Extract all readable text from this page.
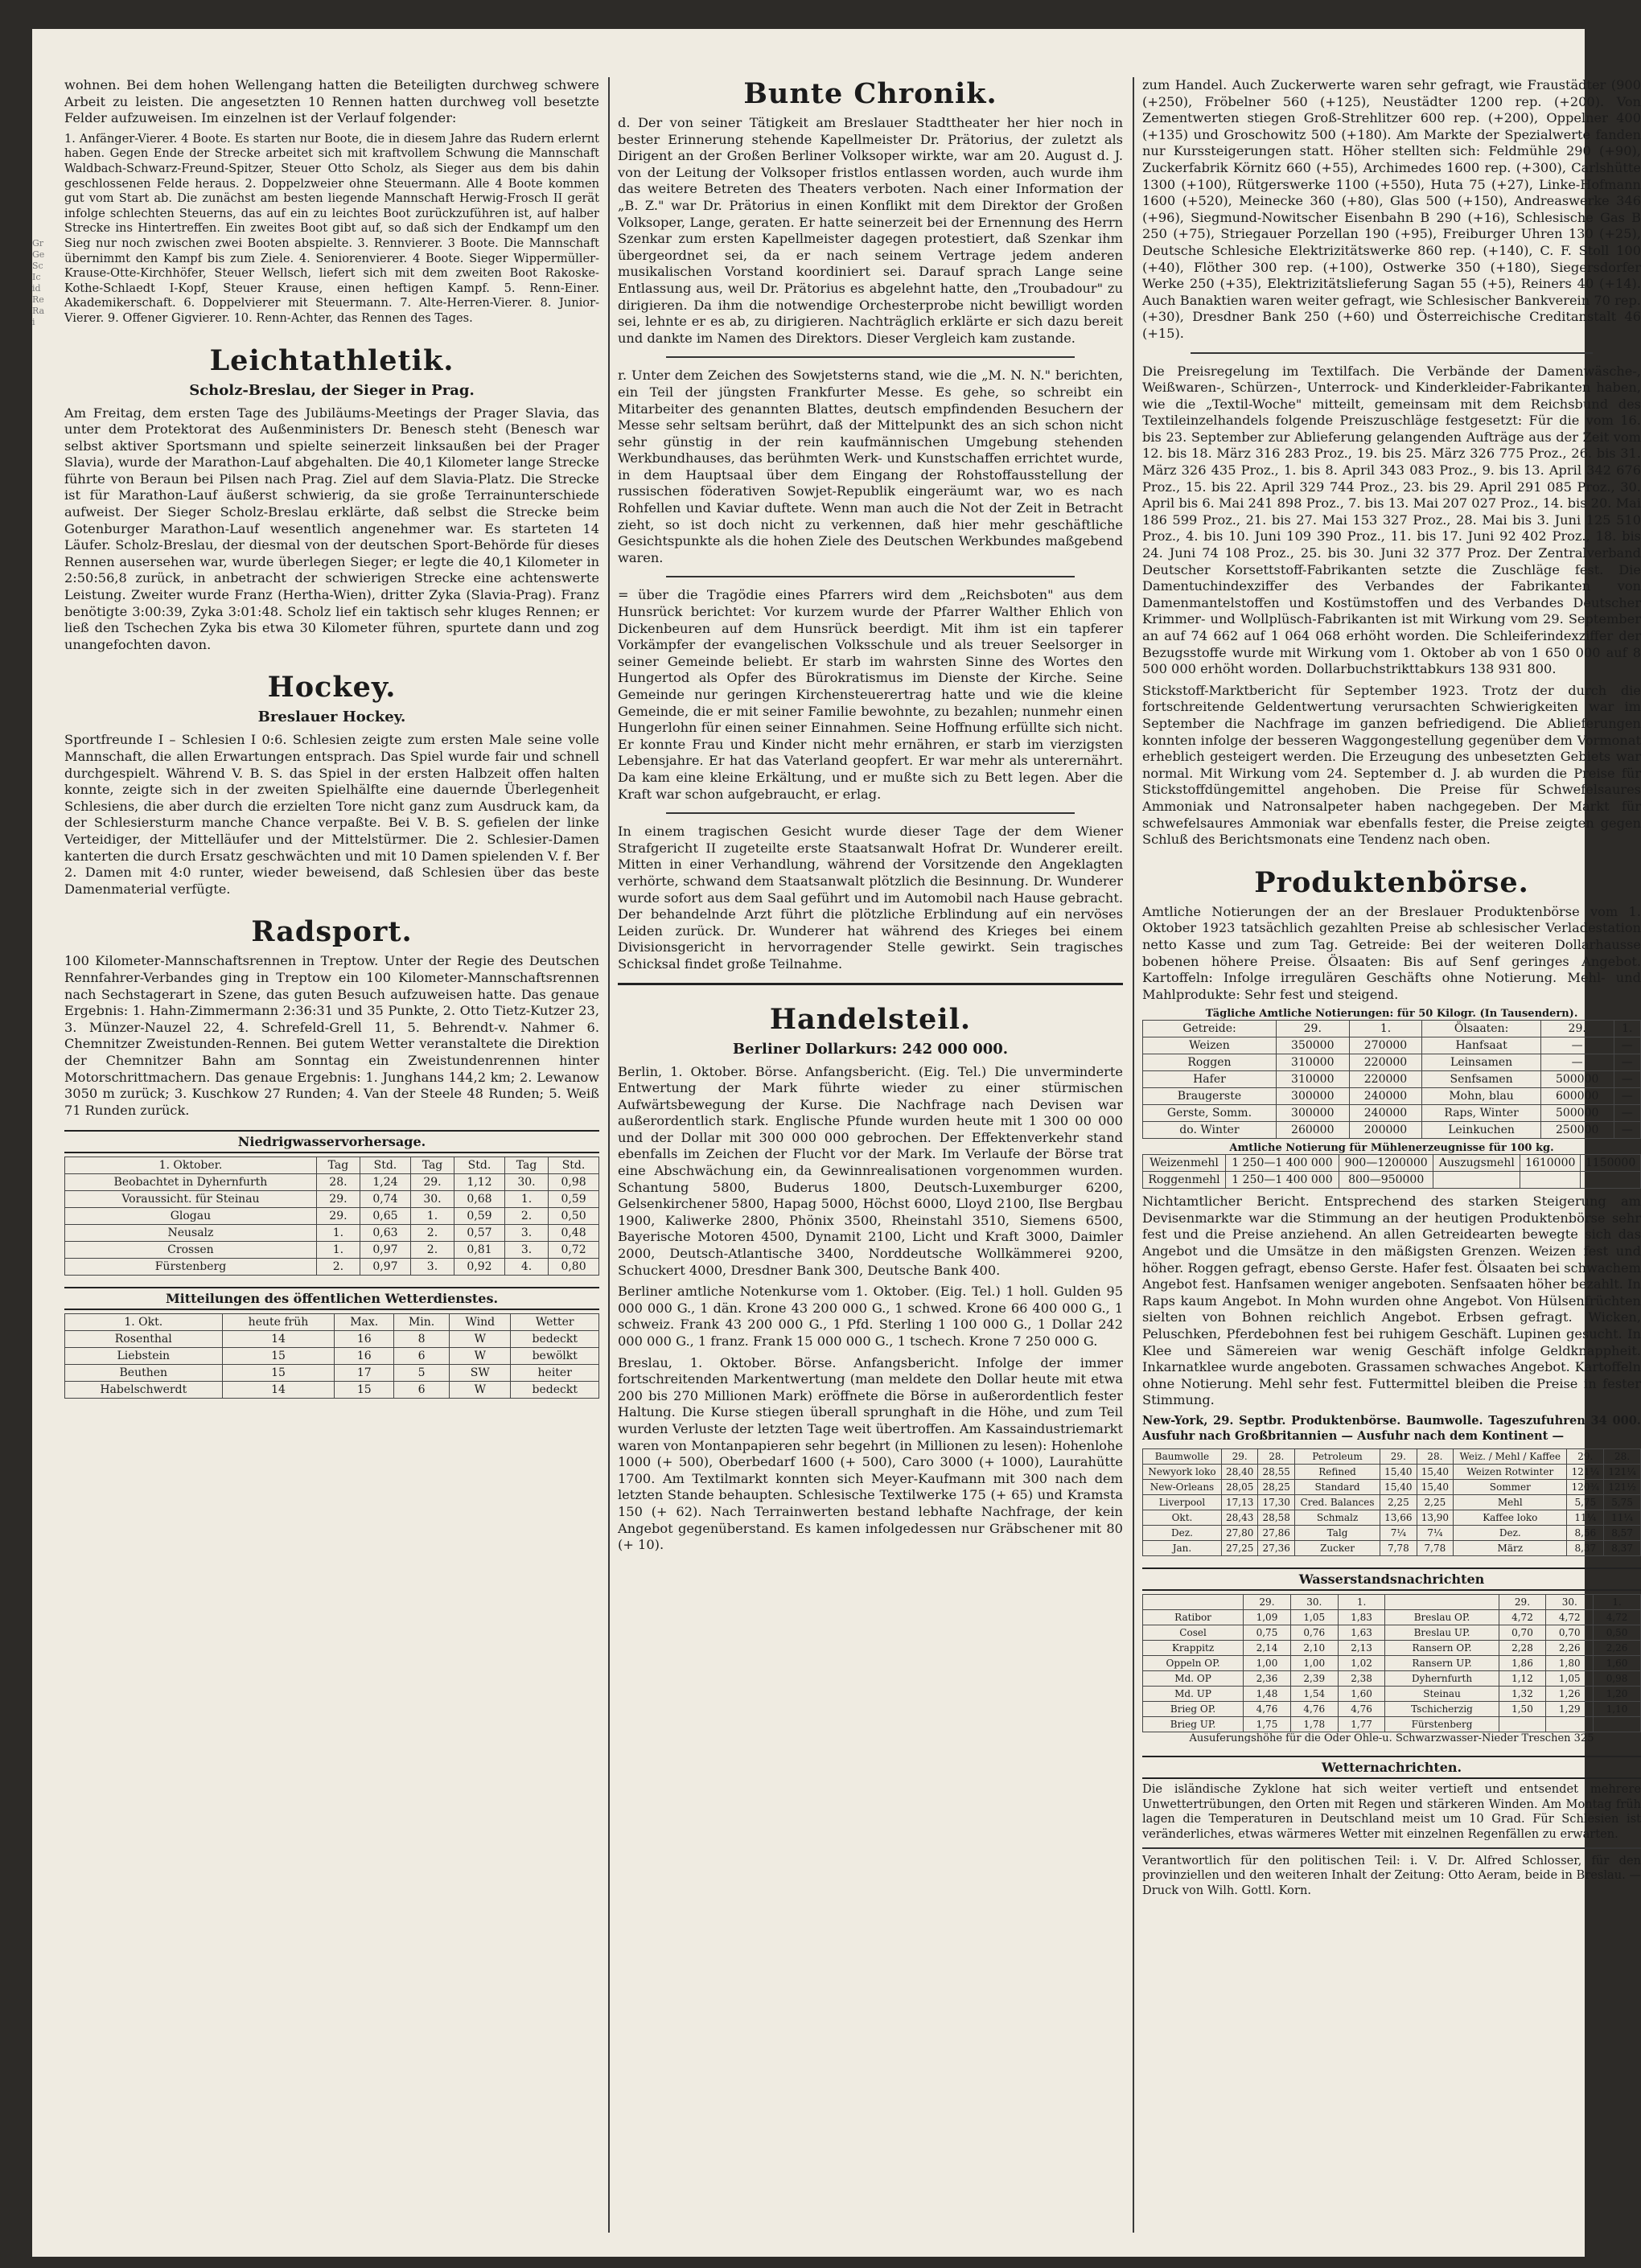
Gr Ge Sc Ic id Re Ra i

wohnen. Bei dem hohen Wellengang hatten die Beteiligten durchweg schwere Arbeit zu leisten. Die angesetzten 10 Rennen hatten durchweg voll besetzte Felder aufzuweisen. Im einzelnen ist der Verlauf folgender:

1. Anfänger-Vierer. 4 Boote. Es starten nur Boote, die in diesem Jahre das Rudern erlernt haben. Gegen Ende der Strecke arbeitet sich mit kraftvollem Schwung die Mannschaft Waldbach-Schwarz-Freund-Spitzer, Steuer Otto Scholz, als Sieger aus dem bis dahin geschlossenen Felde heraus. 2. Doppelzweier ohne Steuermann. Alle 4 Boote kommen gut vom Start ab. Die zunächst am besten liegende Mannschaft Herwig-Frosch II gerät infolge schlechten Steuerns, das auf ein zu leichtes Boot zurückzuführen ist, auf halber Strecke ins Hintertreffen. Ein zweites Boot gibt auf, so daß sich der Endkampf um den Sieg nur noch zwischen zwei Booten abspielte. 3. Rennvierer. 3 Boote. Die Mannschaft übernimmt den Kampf bis zum Ziele. 4. Seniorenvierer. 4 Boote. Sieger Wippermüller-Krause-Otte-Kirchhöfer, Steuer Wellsch, liefert sich mit dem zweiten Boot Rakoske-Kothe-Schlaedt I-Kopf, Steuer Krause, einen heftigen Kampf. 5. Renn-Einer. Akademikerschaft. 6. Doppelvierer mit Steuermann. 7. Alte-Herren-Vierer. 8. Junior-Vierer. 9. Offener Gigvierer. 10. Renn-Achter, das Rennen des Tages.

Leichtathletik.
Scholz-Breslau, der Sieger in Prag.

Am Freitag, dem ersten Tage des Jubiläums-Meetings der Prager Slavia, das unter dem Protektorat des Außenministers Dr. Benesch steht (Benesch war selbst aktiver Sportsmann und spielte seinerzeit linksaußen bei der Prager Slavia), wurde der Marathon-Lauf abgehalten. Die 40,1 Kilometer lange Strecke führte von Beraun bei Pilsen nach Prag. Ziel auf dem Slavia-Platz. Die Strecke ist für Marathon-Lauf äußerst schwierig, da sie große Terrainunterschiede aufweist. Der Sieger Scholz-Breslau erklärte, daß selbst die Strecke beim Gotenburger Marathon-Lauf wesentlich angenehmer war. Es starteten 14 Läufer. Scholz-Breslau, der diesmal von der deutschen Sport-Behörde für dieses Rennen ausersehen war, wurde überlegen Sieger; er legte die 40,1 Kilometer in 2:50:56,8 zurück, in anbetracht der schwierigen Strecke eine achtenswerte Leistung. Zweiter wurde Franz (Hertha-Wien), dritter Zyka (Slavia-Prag). Franz benötigte 3:00:39, Zyka 3:01:48. Scholz lief ein taktisch sehr kluges Rennen; er ließ den Tschechen Zyka bis etwa 30 Kilometer führen, spurtete dann und zog unangefochten davon.

Hockey.
Breslauer Hockey.

Sportfreunde I – Schlesien I 0:6. Schlesien zeigte zum ersten Male seine volle Mannschaft, die allen Erwartungen entsprach. Das Spiel wurde fair und schnell durchgespielt. Während V. B. S. das Spiel in der ersten Halbzeit offen halten konnte, zeigte sich in der zweiten Spielhälfte eine dauernde Überlegenheit Schlesiens, die aber durch die erzielten Tore nicht ganz zum Ausdruck kam, da der Schlesiersturm manche Chance verpaßte. Bei V. B. S. gefielen der linke Verteidiger, der Mittelläufer und der Mittelstürmer. Die 2. Schlesier-Damen kanterten die durch Ersatz geschwächten und mit 10 Damen spielenden V. f. Ber 2. Damen mit 4:0 runter, wieder beweisend, daß Schlesien über das beste Damenmaterial verfügte.

Radsport.

100 Kilometer-Mannschaftsrennen in Treptow. Unter der Regie des Deutschen Rennfahrer-Verbandes ging in Treptow ein 100 Kilometer-Mannschaftsrennen nach Sechstagerart in Szene, das guten Besuch aufzuweisen hatte. Das genaue Ergebnis: 1. Hahn-Zimmermann 2:36:31 und 35 Punkte, 2. Otto Tietz-Kutzer 23, 3. Münzer-Nauzel 22, 4. Schrefeld-Grell 11, 5. Behrendt-v. Nahmer 6. Chemnitzer Zweistunden-Rennen. Bei gutem Wetter veranstaltete die Direktion der Chemnitzer Bahn am Sonntag ein Zweistundenrennen hinter Motorschrittmachern. Das genaue Ergebnis: 1. Junghans 144,2 km; 2. Lewanow 3050 m zurück; 3. Kuschkow 27 Runden; 4. Van der Steele 48 Runden; 5. Weiß 71 Runden zurück.

Niedrigwasservorhersage.
1. Oktober.	Tag	Std.	Tag	Std.	Tag	Std.
Beobachtet in Dyhernfurth	28.	1,24	29.	1,12	30.	0,98
Voraussicht. für Steinau	29.	0,74	30.	0,68	1.	0,59
Glogau	29.	0,65	1.	0,59	2.	0,50
Neusalz	1.	0,63	2.	0,57	3.	0,48
Crossen	1.	0,97	2.	0,81	3.	0,72
Fürstenberg	2.	0,97	3.	0,92	4.	0,80
Mitteilungen des öffentlichen Wetterdienstes.
1. Okt.	heute früh	Max.	Min.	Wind	Wetter
Rosenthal	14	16	8	W	bedeckt
Liebstein	15	16	6	W	bewölkt
Beuthen	15	17	5	SW	heiter
Habelschwerdt	14	15	6	W	bedeckt
Bunte Chronik.

d. Der von seiner Tätigkeit am Breslauer Stadttheater her hier noch in bester Erinnerung stehende Kapellmeister Dr. Prätorius, der zuletzt als Dirigent an der Großen Berliner Volksoper wirkte, war am 20. August d. J. von der Leitung der Volksoper fristlos entlassen worden, auch wurde ihm das weitere Betreten des Theaters verboten. Nach einer Information der „B. Z." war Dr. Prätorius in einen Konflikt mit dem Direktor der Großen Volksoper, Lange, geraten. Er hatte seinerzeit bei der Ernennung des Herrn Szenkar zum ersten Kapellmeister dagegen protestiert, daß Szenkar ihm übergeordnet sei, da er nach seinem Vertrage jedem anderen musikalischen Vorstand koordiniert sei. Darauf sprach Lange seine Entlassung aus, weil Dr. Prätorius es abgelehnt hatte, den „Troubadour" zu dirigieren. Da ihm die notwendige Orchesterprobe nicht bewilligt worden sei, lehnte er es ab, zu dirigieren. Nachträglich erklärte er sich dazu bereit und dankte im Namen des Direktors. Dieser Vergleich kam zustande.

r. Unter dem Zeichen des Sowjetsterns stand, wie die „M. N. N." berichten, ein Teil der jüngsten Frankfurter Messe. Es gehe, so schreibt ein Mitarbeiter des genannten Blattes, deutsch empfindenden Besuchern der Messe sehr seltsam berührt, daß der Mittelpunkt des an sich schon nicht sehr günstig in der rein kaufmännischen Umgebung stehenden Werkbundhauses, das berühmten Werk- und Kunstschaffen errichtet wurde, in dem Hauptsaal über dem Eingang der Rohstoffausstellung der russischen föderativen Sowjet-Republik eingeräumt war, wo es nach Rohfellen und Kaviar duftete. Wenn man auch die Not der Zeit in Betracht zieht, so ist doch nicht zu verkennen, daß hier mehr geschäftliche Gesichtspunkte als die hohen Ziele des Deutschen Werkbundes maßgebend waren.

= über die Tragödie eines Pfarrers wird dem „Reichsboten" aus dem Hunsrück berichtet: Vor kurzem wurde der Pfarrer Walther Ehlich von Dickenbeuren auf dem Hunsrück beerdigt. Mit ihm ist ein tapferer Vorkämpfer der evangelischen Volksschule und als treuer Seelsorger in seiner Gemeinde beliebt. Er starb im wahrsten Sinne des Wortes den Hungertod als Opfer des Bürokratismus im Dienste der Kirche. Seine Gemeinde nur geringen Kirchensteuerertrag hatte und wie die kleine Gemeinde, die er mit seiner Familie bewohnte, zu bezahlen; nunmehr einen Hungerlohn für einen seiner Einnahmen. Seine Hoffnung erfüllte sich nicht. Er konnte Frau und Kinder nicht mehr ernähren, er starb im vierzigsten Lebensjahre. Er hat das Vaterland geopfert. Er war mehr als unterernährt. Da kam eine kleine Erkältung, und er mußte sich zu Bett legen. Aber die Kraft war schon aufgebraucht, er erlag.

In einem tragischen Gesicht wurde dieser Tage der dem Wiener Strafgericht II zugeteilte erste Staatsanwalt Hofrat Dr. Wunderer ereilt. Mitten in einer Verhandlung, während der Vorsitzende den Angeklagten verhörte, schwand dem Staatsanwalt plötzlich die Besinnung. Dr. Wunderer wurde sofort aus dem Saal geführt und im Automobil nach Hause gebracht. Der behandelnde Arzt führt die plötzliche Erblindung auf ein nervöses Leiden zurück. Dr. Wunderer hat während des Krieges bei einem Divisionsgericht in hervorragender Stelle gewirkt. Sein tragisches Schicksal findet große Teilnahme.

Handelsteil.
Berliner Dollarkurs: 242 000 000.

Berlin, 1. Oktober. Börse. Anfangsbericht. (Eig. Tel.) Die unverminderte Entwertung der Mark führte wieder zu einer stürmischen Aufwärtsbewegung der Kurse. Die Nachfrage nach Devisen war außerordentlich stark. Englische Pfunde wurden heute mit 1 300 00 000 und der Dollar mit 300 000 000 gebrochen. Der Effektenverkehr stand ebenfalls im Zeichen der Flucht vor der Mark. Im Verlaufe der Börse trat eine Abschwächung ein, da Gewinnrealisationen vorgenommen wurden. Schantung 5800, Buderus 1800, Deutsch-Luxemburger 6200, Gelsenkirchener 5800, Hapag 5000, Höchst 6000, Lloyd 2100, Ilse Bergbau 1900, Kaliwerke 2800, Phönix 3500, Rheinstahl 3510, Siemens 6500, Bayerische Motoren 4500, Dynamit 2100, Licht und Kraft 3000, Daimler 2000, Deutsch-Atlantische 3400, Norddeutsche Wollkämmerei 9200, Schuckert 4000, Dresdner Bank 300, Deutsche Bank 400.

Berliner amtliche Notenkurse vom 1. Oktober. (Eig. Tel.) 1 holl. Gulden 95 000 000 G., 1 dän. Krone 43 200 000 G., 1 schwed. Krone 66 400 000 G., 1 schweiz. Frank 43 200 000 G., 1 Pfd. Sterling 1 100 000 G., 1 Dollar 242 000 000 G., 1 franz. Frank 15 000 000 G., 1 tschech. Krone 7 250 000 G.

Breslau, 1. Oktober. Börse. Anfangsbericht. Infolge der immer fortschreitenden Markentwertung (man meldete den Dollar heute mit etwa 200 bis 270 Millionen Mark) eröffnete die Börse in außerordentlich fester Haltung. Die Kurse stiegen überall sprunghaft in die Höhe, und zum Teil wurden Verluste der letzten Tage weit übertroffen. Am Kassaindustriemarkt waren von Montanpapieren sehr begehrt (in Millionen zu lesen): Hohenlohe 1000 (+ 500), Oberbedarf 1600 (+ 500), Caro 3000 (+ 1000), Laurahütte 1700. Am Textilmarkt konnten sich Meyer-Kaufmann mit 300 nach dem letzten Stande behaupten. Schlesische Textilwerke 175 (+ 65) und Kramsta 150 (+ 62). Nach Terrainwerten bestand lebhafte Nachfrage, der kein Angebot gegenüberstand. Es kamen infolgedessen nur Gräbschener mit 80 (+ 10).

zum Handel. Auch Zuckerwerte waren sehr gefragt, wie Fraustädter (900 (+250), Fröbelner 560 (+125), Neustädter 1200 rep. (+200). Von Zementwerten stiegen Groß-Strehlitzer 600 rep. (+200), Oppelner 400 (+135) und Groschowitz 500 (+180). Am Markte der Spezialwerte fanden nur Kurssteigerungen statt. Höher stellten sich: Feldmühle 290 (+90), Zuckerfabrik Körnitz 660 (+55), Archimedes 1600 rep. (+300), Carlshütte 1300 (+100), Rütgerswerke 1100 (+550), Huta 75 (+27), Linke-Hofmann 1600 (+520), Meinecke 360 (+80), Glas 500 (+150), Andreaswerke 346 (+96), Siegmund-Nowitscher Eisenbahn B 290 (+16), Schlesische Gas B 250 (+75), Striegauer Porzellan 190 (+95), Freiburger Uhren 130 (+25), Deutsche Schlesiche Elektrizitätswerke 860 rep. (+140), C. F. Stoll 100 (+40), Flöther 300 rep. (+100), Ostwerke 350 (+180), Siegersdorfer Werke 250 (+35), Elektrizitätslieferung Sagan 55 (+5), Reiners 40 (+14). Auch Banaktien waren weiter gefragt, wie Schlesischer Bankverein 70 rep. (+30), Dresdner Bank 250 (+60) und Österreichische Creditanstalt 46 (+15).

Die Preisregelung im Textilfach. Die Verbände der Damenwäsche-, Weißwaren-, Schürzen-, Unterrock- und Kinderkleider-Fabrikanten haben, wie die „Textil-Woche" mitteilt, gemeinsam mit dem Reichsbund des Textileinzelhandels folgende Preiszuschläge festgesetzt: Für die vom 16. bis 23. September zur Ablieferung gelangenden Aufträge aus der Zeit vom 12. bis 18. März 316 283 Proz., 19. bis 25. März 326 775 Proz., 26. bis 31. März 326 435 Proz., 1. bis 8. April 343 083 Proz., 9. bis 13. April 342 676 Proz., 15. bis 22. April 329 744 Proz., 23. bis 29. April 291 085 Proz., 30. April bis 6. Mai 241 898 Proz., 7. bis 13. Mai 207 027 Proz., 14. bis 20. Mai 186 599 Proz., 21. bis 27. Mai 153 327 Proz., 28. Mai bis 3. Juni 125 510 Proz., 4. bis 10. Juni 109 390 Proz., 11. bis 17. Juni 92 402 Proz., 18. bis 24. Juni 74 108 Proz., 25. bis 30. Juni 32 377 Proz. Der Zentralverband Deutscher Korsettstoff-Fabrikanten setzte die Zuschläge fest. Die Damentuchindexziffer des Verbandes der Fabrikanten von Damenmantelstoffen und Kostümstoffen und des Verbandes Deutscher Krimmer- und Wollplüsch-Fabrikanten ist mit Wirkung vom 29. September an auf 74 662 auf 1 064 068 erhöht worden. Die Schleiferindexziffer der Bezugsstoffe wurde mit Wirkung vom 1. Oktober ab von 1 650 000 auf 8 500 000 erhöht worden. Dollarbuchstrikttabkurs 138 931 800.

Stickstoff-Marktbericht für September 1923. Trotz der durch die fortschreitende Geldentwertung verursachten Schwierigkeiten war im September die Nachfrage im ganzen befriedigend. Die Ablieferungen konnten infolge der besseren Waggongestellung gegenüber dem Vormonat erheblich gesteigert werden. Die Erzeugung des unbesetzten Gebiets war normal. Mit Wirkung vom 24. September d. J. ab wurden die Preise für Stickstoffdüngemittel angehoben. Die Preise für Schwefelsaures Ammoniak und Natronsalpeter haben nachgegeben. Der Markt für schwefelsaures Ammoniak war ebenfalls fester, die Preise zeigten gegen Schluß des Berichtsmonats eine Tendenz nach oben.

Produktenbörse.

Amtliche Notierungen der an der Breslauer Produktenbörse vom 1. Oktober 1923 tatsächlich gezahlten Preise ab schlesischer Verladestation netto Kasse und zum Tag. Getreide: Bei der weiteren Dollarhausse bobenen höhere Preise. Ölsaaten: Bis auf Senf geringes Angebot. Kartoffeln: Infolge irregulären Geschäfts ohne Notierung. Mehl- und Mahlprodukte: Sehr fest und steigend.

Tägliche Amtliche Notierungen: für 50 Kilogr. (In Tausendern).
Getreide:	29.	1.	Ölsaaten:	29.	1.
Weizen	350000	270000	Hanfsaat	—	—
Roggen	310000	220000	Leinsamen	—	—
Hafer	310000	220000	Senfsamen	500000	—
Braugerste	300000	240000	Mohn, blau	600000	—
Gerste, Somm.	300000	240000	Raps, Winter	500000	—
do. Winter	260000	200000	Leinkuchen	250000	—
Amtliche Notierung für Mühlenerzeugnisse für 100 kg.
Weizenmehl	1 250—1 400 000	900—1200000	Auszugsmehl	1610000	1150000
Roggenmehl	1 250—1 400 000	800—950000			

Nichtamtlicher Bericht. Entsprechend des starken Steigerung am Devisenmarkte war die Stimmung an der heutigen Produktenbörse sehr fest und die Preise anziehend. An allen Getreidearten bewegte sich das Angebot und die Umsätze in den mäßigsten Grenzen. Weizen fest und höher. Roggen gefragt, ebenso Gerste. Hafer fest. Ölsaaten bei schwachem Angebot fest. Hanfsamen weniger angeboten. Senfsaaten höher bezahlt. In Raps kaum Angebot. In Mohn wurden ohne Angebot. Von Hülsenfrüchten sielten von Bohnen reichlich Angebot. Erbsen gefragt. Wicken, Peluschken, Pferdebohnen fest bei ruhigem Geschäft. Lupinen gesucht. In Klee und Sämereien war wenig Geschäft infolge Geldknappheit. Inkarnatklee wurde angeboten. Grassamen schwaches Angebot. Kartoffeln ohne Notierung. Mehl sehr fest. Futtermittel bleiben die Preise in fester Stimmung.

New-York, 29. Septbr. Produktenbörse. Baumwolle. Tageszufuhren 34 000. Ausfuhr nach Großbritannien — Ausfuhr nach dem Kontinent —

Baumwolle	29.	28.	Petroleum	29.	28.	Weiz. / Mehl / Kaffee	29.	28.
Newyork loko	28,40	28,55	Refined	15,40	15,40	Weizen Rotwinter	121¼	121¼
New-Orleans	28,05	28,25	Standard	15,40	15,40	Sommer	120¾	121½
Liverpool	17,13	17,30	Cred. Balances	2,25	2,25	Mehl	5,75	5,75
Okt.	28,43	28,58	Schmalz	13,66	13,90	Kaffee loko	11¼	11¼
Dez.	27,80	27,86	Talg	7¼	7¼	Dez.	8,56	8,57
Jan.	27,25	27,36	Zucker	7,78	7,78	März	8,37	8,37
Wasserstandsnachrichten
	29.	30.	1.		29.	30.	1.
Ratibor	1,09	1,05	1,83	Breslau OP.	4,72	4,72	4,72
Cosel	0,75	0,76	1,63	Breslau UP.	0,70	0,70	0,50
Krappitz	2,14	2,10	2,13	Ransern OP.	2,28	2,26	2,26
Oppeln OP.	1,00	1,00	1,02	Ransern UP.	1,86	1,80	1,60
Md. OP	2,36	2,39	2,38	Dyhernfurth	1,12	1,05	0,98
Md. UP	1,48	1,54	1,60	Steinau	1,32	1,26	1,20
Brieg OP.	4,76	4,76	4,76	Tschicherzig	1,50	1,29	1,10
Brieg UP.	1,75	1,78	1,77	Fürstenberg			
Ausuferungshöhe für die Oder Ohle-u. Schwarzwasser-Nieder Treschen 325
Wetternachrichten.

Die isländische Zyklone hat sich weiter vertieft und entsendet mehrere Unwettertrübungen, den Orten mit Regen und stärkeren Winden. Am Montag früh lagen die Temperaturen in Deutschland meist um 10 Grad. Für Schlesien ist veränderliches, etwas wärmeres Wetter mit einzelnen Regenfällen zu erwarten.

Verantwortlich für den politischen Teil: i. V. Dr. Alfred Schlosser, für den provinziellen und den weiteren Inhalt der Zeitung: Otto Aeram, beide in Breslau. — Druck von Wilh. Gottl. Korn.
